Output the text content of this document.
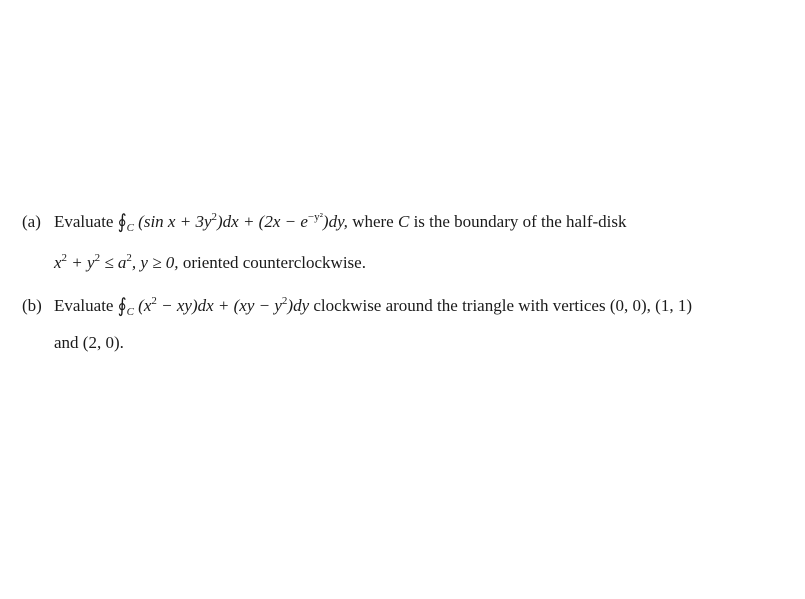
(a) Evaluate $∮_C$ (sin $x + 3y^2)dx + (2x - e^{-y^2})dy$, where C is the boundary of the half-disk
$x^2 + y^2 \le a^2$, y ≥ 0, oriented counterclockwise.
(b) Evaluate $∮_C$ $(x^2 - xy)dx + (xy - y^2)dy$ clockwise around the triangle with vertices (0, 0), (1, 1)
and (2, 0).
